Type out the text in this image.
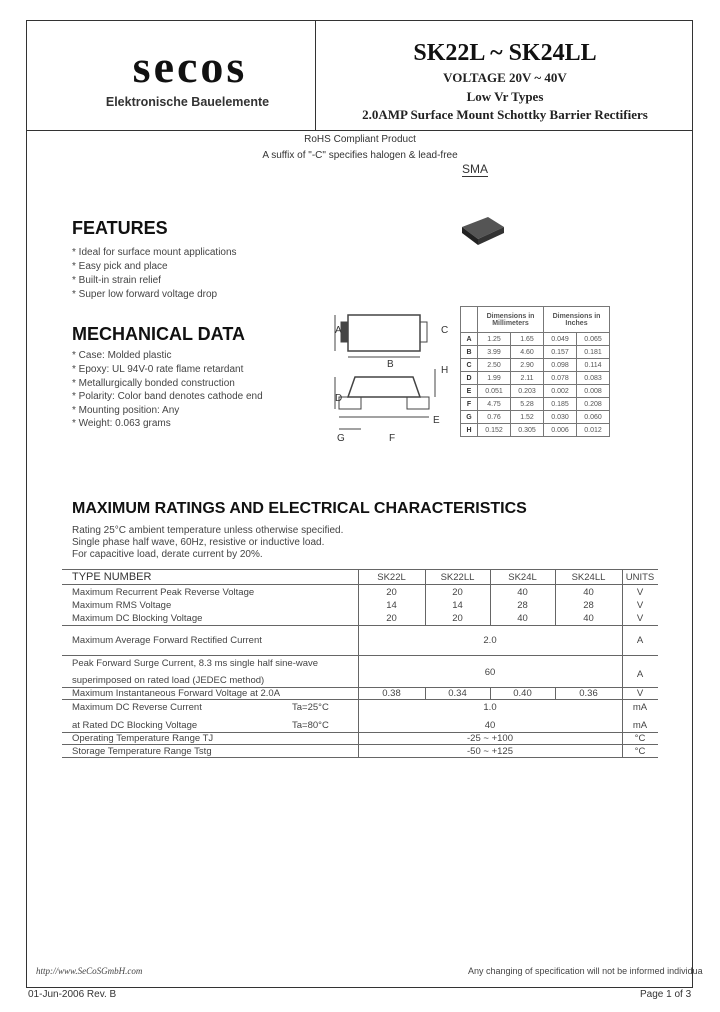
secos
Elektronische Bauelemente
SK22L ~ SK24LL
VOLTAGE 20V ~ 40V
Low Vr Types
2.0AMP Surface Mount Schottky Barrier Rectifiers
RoHS Compliant Product
A suffix of "-C" specifies halogen & lead-free
SMA
FEATURES
* Ideal for surface mount applications
* Easy pick and place
* Built-in strain relief
* Super low forward voltage drop
MECHANICAL DATA
* Case: Molded plastic
* Epoxy: UL 94V-0 rate flame retardant
* Metallurgically bonded construction
* Polarity: Color band denotes cathode end
* Mounting position: Any
* Weight: 0.063 grams
A
B
C
D
E
F
G
H
	Dimensions in Millimeters		Dimensions in Inches	
A	1.25	1.65	0.049	0.065
B	3.99	4.60	0.157	0.181
C	2.50	2.90	0.098	0.114
D	1.99	2.11	0.078	0.083
E	0.051	0.203	0.002	0.008
F	4.75	5.28	0.185	0.208
G	0.76	1.52	0.030	0.060
H	0.152	0.305	0.006	0.012
MAXIMUM RATINGS AND ELECTRICAL CHARACTERISTICS
Rating 25°C ambient temperature unless otherwise specified.
Single phase half wave, 60Hz, resistive or inductive load.
For capacitive load, derate current by 20%.
TYPE NUMBER	SK22L	SK22LL	SK24L	SK24LL	UNITS
Maximum Recurrent Peak Reverse Voltage	20	20	40	40	V
Maximum RMS Voltage	14	14	28	28	V
Maximum DC Blocking Voltage	20	20	40	40	V
Maximum Average Forward Rectified Current	2.0	A
Peak Forward Surge Current, 8.3 ms single half sine-wave
superimposed on rated load (JEDEC method)
60	A
Maximum Instantaneous Forward Voltage at 2.0A	0.38	0.34	0.40	0.36	V
Maximum DC Reverse Current	Ta=25°C	1.0	mA
at Rated DC Blocking Voltage	Ta=80°C	40	mA
Operating Temperature Range TJ	-25 ~ +100	°C
Storage Temperature Range Tstg	-50 ~ +125	°C
http://www.SeCoSGmbH.com	Any changing of specification will not be informed individua
01-Jun-2006 Rev. B	Page 1 of 3
